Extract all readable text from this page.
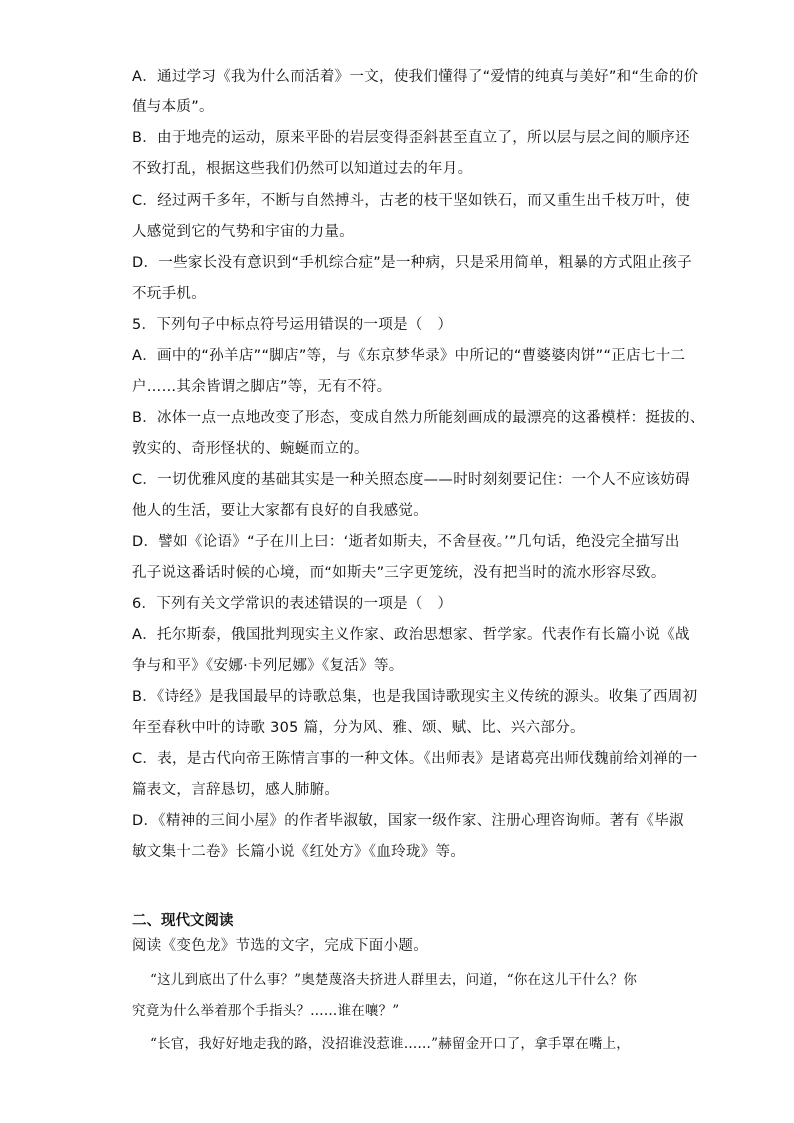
A．通过学习《我为什么而活着》一文，使我们懂得了“爱情的纯真与美好”和“生命的价
值与本质”。
B．由于地壳的运动，原来平卧的岩层变得歪斜甚至直立了，所以层与层之间的顺序还
不致打乱，根据这些我们仍然可以知道过去的年月。
C．经过两千多年，不断与自然搏斗，古老的枝干坚如铁石，而又重生出千枝万叶，使
人感觉到它的气势和宇宙的力量。
D．一些家长没有意识到“手机综合症”是一种病，只是采用简单，粗暴的方式阻止孩子
不玩手机。
5．下列句子中标点符号运用错误的一项是（　）
A．画中的“孙羊店”“脚店”等，与《东京梦华录》中所记的“曹婆婆肉饼”“正店七十二
户……其余皆谓之脚店”等，无有不符。
B．冰体一点一点地改变了形态，变成自然力所能刻画成的最漂亮的这番模样：挺拔的、
敦实的、奇形怪状的、蜿蜒而立的。
C．一切优雅风度的基础其实是一种关照态度——时时刻刻要记住：一个人不应该妨碍
他人的生活，要让大家都有良好的自我感觉。
D．譬如《论语》“子在川上曰：‘逝者如斯夫，不舍昼夜。’”几句话，绝没完全描写出
孔子说这番话时候的心境，而“如斯夫”三字更笼统，没有把当时的流水形容尽致。
6．下列有关文学常识的表述错误的一项是（　）
A．托尔斯泰，俄国批判现实主义作家、政治思想家、哲学家。代表作有长篇小说《战
争与和平》《安娜·卡列尼娜》《复活》等。
B．《诗经》是我国最早的诗歌总集，也是我国诗歌现实主义传统的源头。收集了西周初
年至春秋中叶的诗歌 305 篇，分为风、雅、颂、赋、比、兴六部分。
C．表，是古代向帝王陈情言事的一种文体。《出师表》是诸葛亮出师伐魏前给刘禅的一
篇表文，言辞恳切，感人肺腑。
D．《精神的三间小屋》的作者毕淑敏，国家一级作家、注册心理咨询师。著有《毕淑
敏文集十二卷》长篇小说《红处方》《血玲珑》等。
二、现代文阅读
阅读《变色龙》节选的文字，完成下面小题。
“这儿到底出了什么事？”奥楚蔑洛夫挤进人群里去，问道，“你在这儿干什么？你
究竟为什么举着那个手指头？……谁在嚷？”
“长官，我好好地走我的路，没招谁没惹谁……”赫留金开口了，拿手罩在嘴上，
